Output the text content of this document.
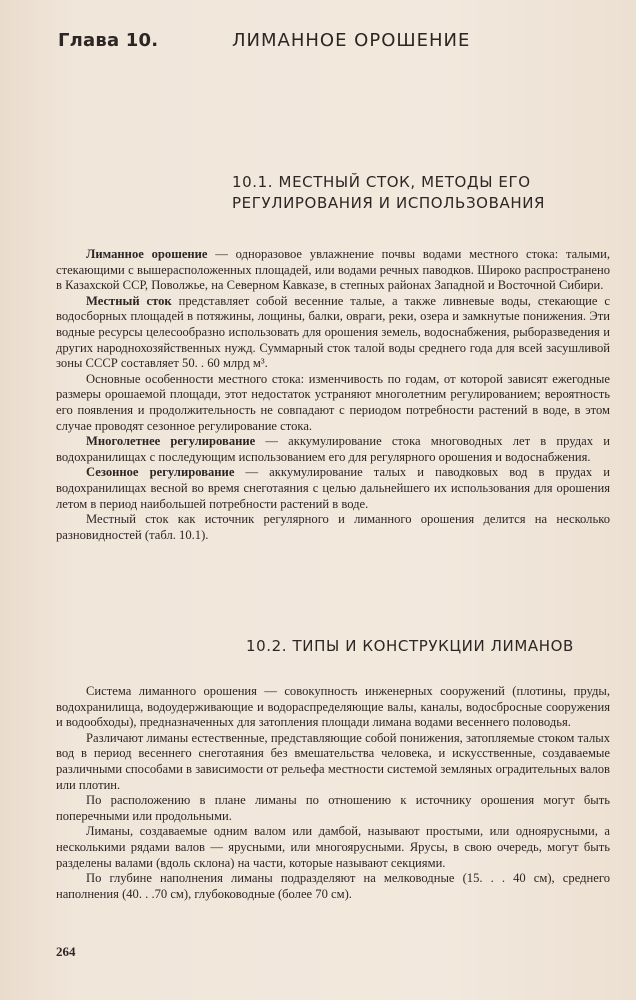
Глава 10.	ЛИМАННОЕ ОРОШЕНИЕ
10.1. МЕСТНЫЙ СТОК, МЕТОДЫ ЕГО РЕГУЛИРОВАНИЯ И ИСПОЛЬЗОВАНИЯ

Лиманное орошение — одноразовое увлажнение почвы водами местного стока: талыми, стекающими с вышерасположенных площадей, или водами речных паводков. Широко распространено в Казахской ССР, Поволжье, на Северном Кавказе, в степных районах Западной и Восточной Сибири.

Местный сток представляет собой весенние талые, а также ливневые воды, стекающие с водосборных площадей в потяжины, лощины, балки, овраги, реки, озера и замкнутые понижения. Эти водные ресурсы целесообразно использовать для орошения земель, водоснабжения, рыборазведения и других народнохозяйственных нужд. Суммарный сток талой воды среднего года для всей засушливой зоны СССР составляет 50. . 60 млрд м³.

Основные особенности местного стока: изменчивость по годам, от которой зависят ежегодные размеры орошаемой площади, этот недостаток устраняют многолетним регулированием; вероятность его появления и продолжительность не совпадают с периодом потребности растений в воде, в этом случае проводят сезонное регулирование стока.

Многолетнее регулирование — аккумулирование стока многоводных лет в прудах и водохранилищах с последующим использованием его для регулярного орошения и водоснабжения.

Сезонное регулирование — аккумулирование талых и паводковых вод в прудах и водохранилищах весной во время снеготаяния с целью дальнейшего их использования для орошения летом в период наибольшей потребности растений в воде.

Местный сток как источник регулярного и лиманного орошения делится на несколько разновидностей (табл. 10.1).

10.2. ТИПЫ И КОНСТРУКЦИИ ЛИМАНОВ

Система лиманного орошения — совокупность инженерных сооружений (плотины, пруды, водохранилища, водоудерживающие и водораспределяющие валы, каналы, водосбросные сооружения и водообходы), предназначенных для затопления площади лимана водами весеннего половодья.

Различают лиманы естественные, представляющие собой понижения, затопляемые стоком талых вод в период весеннего снеготаяния без вмешательства человека, и искусственные, создаваемые различными способами в зависимости от рельефа местности системой земляных оградительных валов или плотин.

По расположению в плане лиманы по отношению к источнику орошения могут быть поперечными или продольными.

Лиманы, создаваемые одним валом или дамбой, называют простыми, или одноярусными, а несколькими рядами валов — ярусными, или многоярусными. Ярусы, в свою очередь, могут быть разделены валами (вдоль склона) на части, которые называют секциями.

По глубине наполнения лиманы подразделяют на мелководные (15. . . 40 см), среднего наполнения (40. . .70 см), глубоководные (более 70 см).

264
